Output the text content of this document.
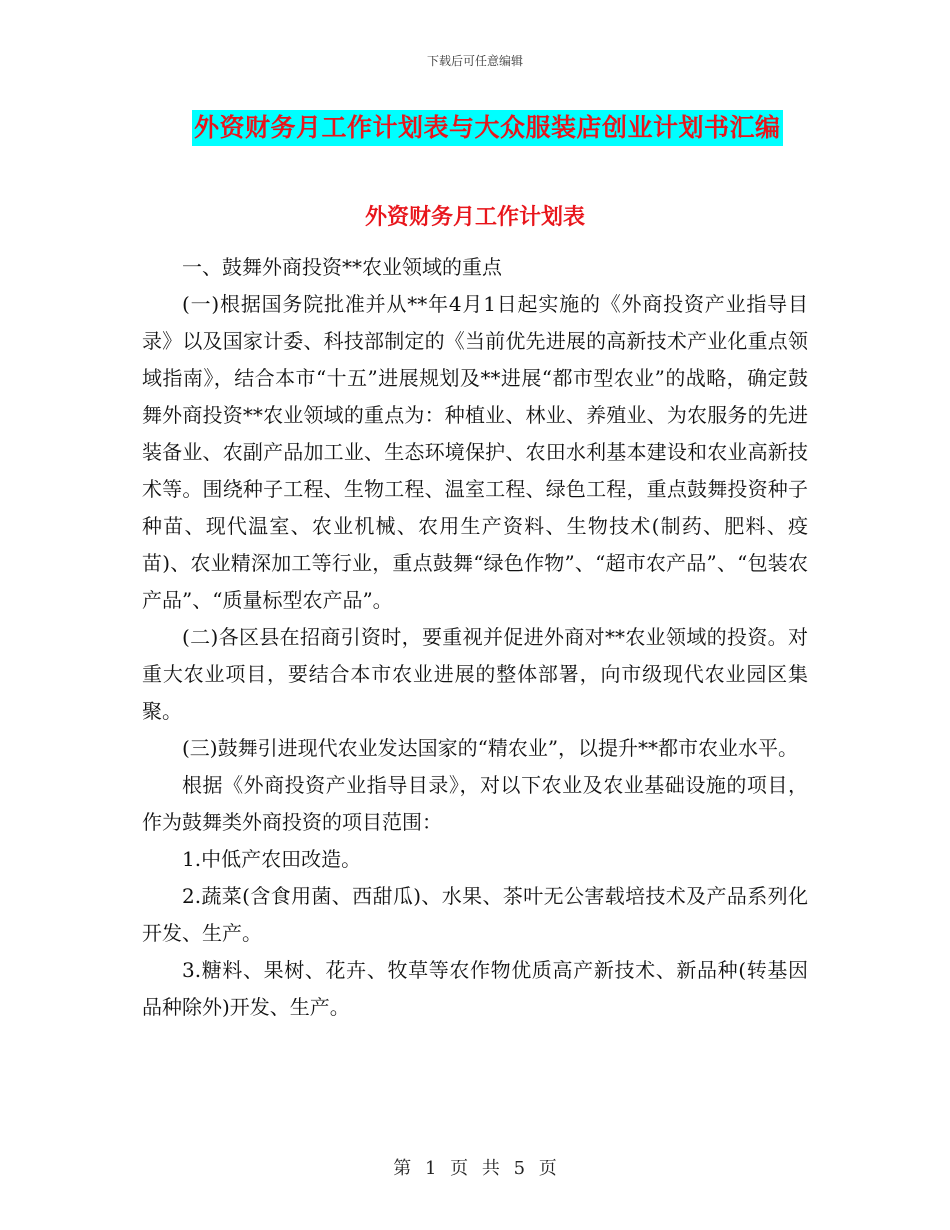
下载后可任意编辑
外资财务月工作计划表与大众服装店创业计划书汇编
外资财务月工作计划表

一、鼓舞外商投资**农业领域的重点

(一)根据国务院批准并从**年4月1日起实施的《外商投资产业指导目录》以及国家计委、科技部制定的《当前优先进展的高新技术产业化重点领域指南》，结合本市“十五”进展规划及**进展“都市型农业”的战略，确定鼓舞外商投资**农业领域的重点为：种植业、林业、养殖业、为农服务的先进装备业、农副产品加工业、生态环境保护、农田水利基本建设和农业高新技术等。围绕种子工程、生物工程、温室工程、绿色工程，重点鼓舞投资种子种苗、现代温室、农业机械、农用生产资料、生物技术(制药、肥料、疫苗)、农业精深加工等行业，重点鼓舞“绿色作物”、“超市农产品”、“包装农产品”、“质量标型农产品”。

(二)各区县在招商引资时，要重视并促进外商对**农业领域的投资。对重大农业项目，要结合本市农业进展的整体部署，向市级现代农业园区集聚。

(三)鼓舞引进现代农业发达国家的“精农业”，以提升**都市农业水平。

根据《外商投资产业指导目录》，对以下农业及农业基础设施的项目，作为鼓舞类外商投资的项目范围：

1.中低产农田改造。

2.蔬菜(含食用菌、西甜瓜)、水果、茶叶无公害载培技术及产品系列化开发、生产。

3.糖料、果树、花卉、牧草等农作物优质高产新技术、新品种(转基因品种除外)开发、生产。

第 1 页 共 5 页
